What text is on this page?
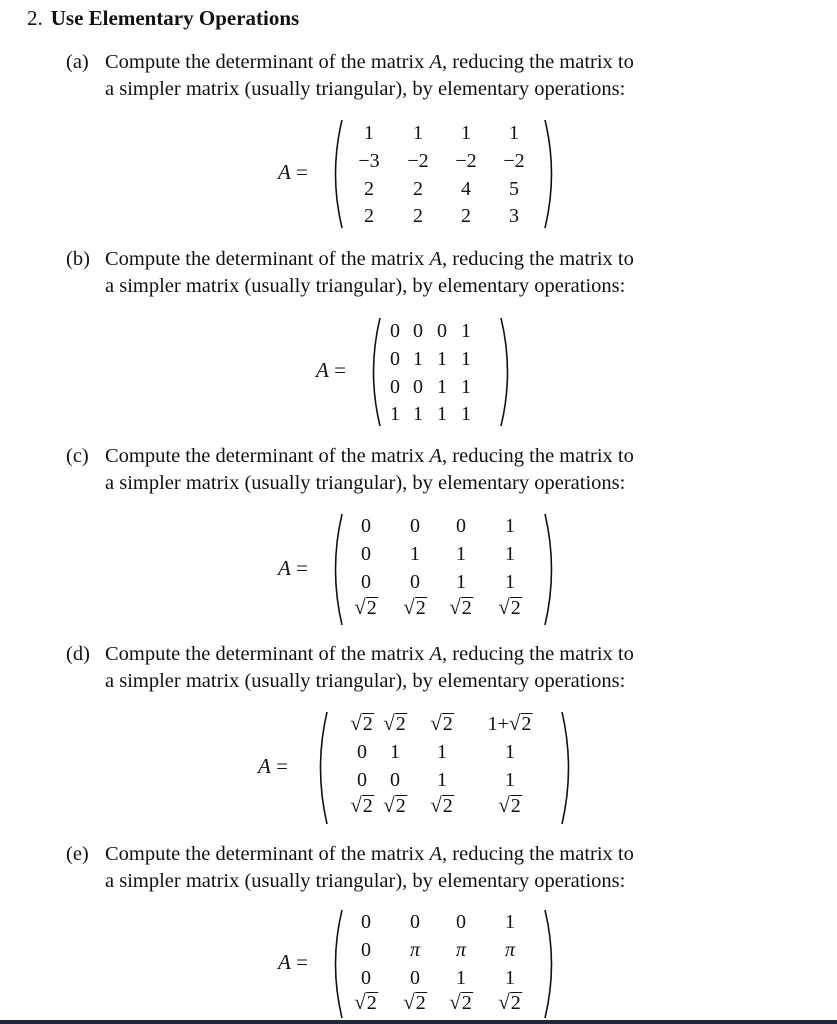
2. Use Elementary Operations
(a) Compute the determinant of the matrix A, reducing the matrix to
a simpler matrix (usually triangular), by elementary operations:
A =
1 1 1 1
−3 −2 −2 −2
2 2 4 5
2 2 2 3
(b) Compute the determinant of the matrix A, reducing the matrix to
a simpler matrix (usually triangular), by elementary operations:
A =
0 0 0 1
0 1 1 1
0 0 1 1
1 1 1 1
(c) Compute the determinant of the matrix A, reducing the matrix to
a simpler matrix (usually triangular), by elementary operations:
A =
0 0 0 1
0 1 1 1
0 0 1 1
√ 2 √ 2 √ 2 √ 2
(d) Compute the determinant of the matrix A, reducing the matrix to
a simpler matrix (usually triangular), by elementary operations:
A =
√ 2 √ 2 √ 2 1+ √ 2
0 1 1	1
0 0 1	1
√ 2 √ 2 √ 2 √ 2
(e) Compute the determinant of the matrix A, reducing the matrix to
a simpler matrix (usually triangular), by elementary operations:
A =
0 0 0 1
0 π π π
0 0 1 1
√ 2 √ 2 √ 2 √ 2
